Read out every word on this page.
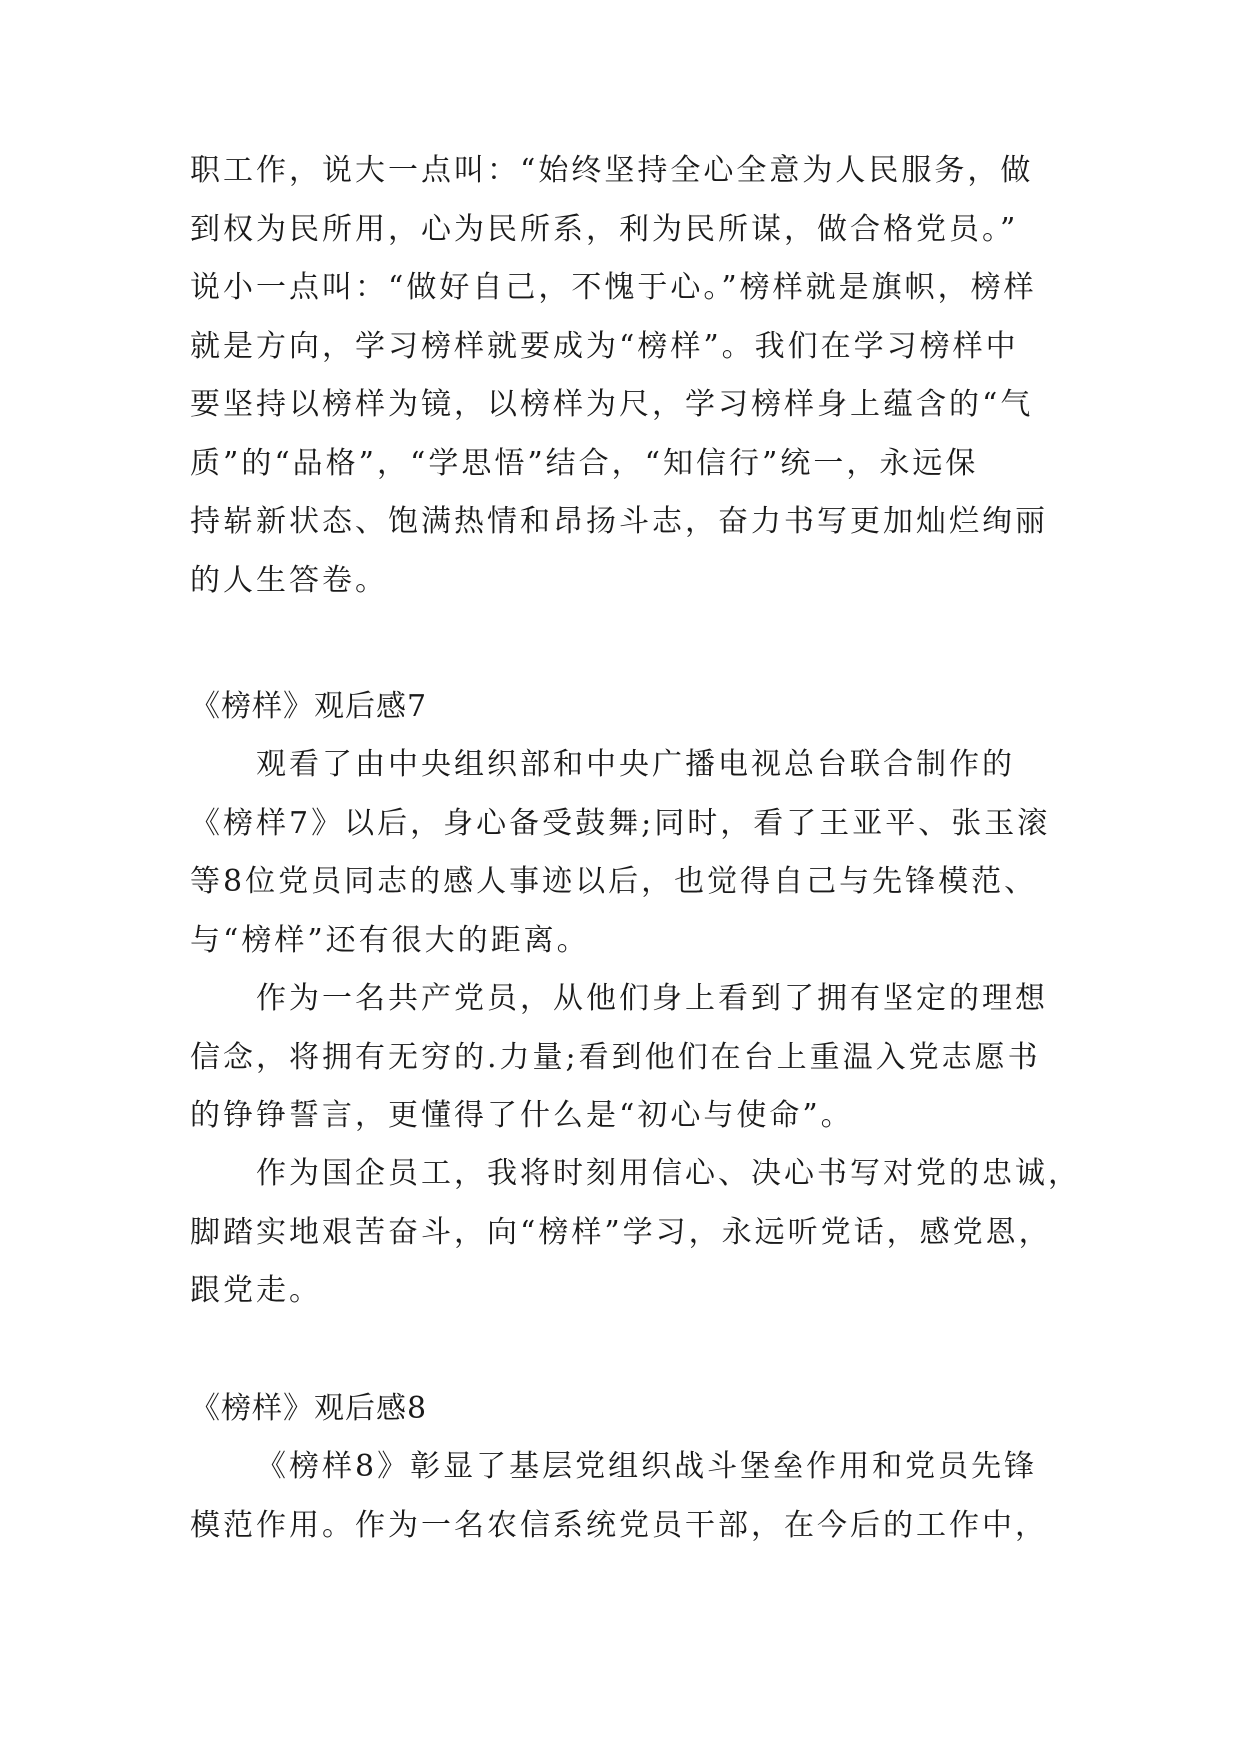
职工作，说大一点叫：“始终坚持全心全意为人民服务，做
到权为民所用，心为民所系，利为民所谋，做合格党员。”
说小一点叫：“做好自己，不愧于心。”榜样就是旗帜，榜样
就是方向，学习榜样就要成为“榜样”。我们在学习榜样中
要坚持以榜样为镜，以榜样为尺，学习榜样身上蕴含的“气
质”的“品格”，“学思悟”结合，“知信行”统一，永远保
持崭新状态、饱满热情和昂扬斗志，奋力书写更加灿烂绚丽
的人生答卷。
《榜样》观后感7
观看了由中央组织部和中央广播电视总台联合制作的
《榜样7》以后，身心备受鼓舞;同时，看了王亚平、张玉滚
等8位党员同志的感人事迹以后，也觉得自己与先锋模范、
与“榜样”还有很大的距离。
作为一名共产党员，从他们身上看到了拥有坚定的理想
信念，将拥有无穷的.力量;看到他们在台上重温入党志愿书
的铮铮誓言，更懂得了什么是“初心与使命”。
作为国企员工，我将时刻用信心、决心书写对党的忠诚，
脚踏实地艰苦奋斗，向“榜样”学习，永远听党话，感党恩，
跟党走。
《榜样》观后感8
《榜样8》彰显了基层党组织战斗堡垒作用和党员先锋
模范作用。作为一名农信系统党员干部，在今后的工作中，
